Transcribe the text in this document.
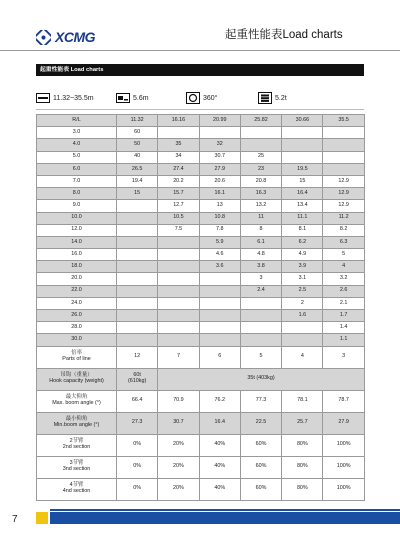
XCMG	起重性能表Load charts
起重性能表 Load charts
11.32~35.5m	5.6m	360°	5.2t
R/L	11.32	16.16	20.99	25.82	30.66	35.5
3.0	60					
4.0	50	35	32			
5.0	40	34	30.7	25		
6.0	26.5	27.4	27.9	23	19.5	
7.0	19.4	20.2	20.6	20.8	15	12.9
8.0	15	15.7	16.1	16.3	16.4	12.9
9.0		12.7	13	13.2	13.4	12.9
10.0		10.5	10.8	11	11.1	11.2
12.0		7.5	7.8	8	8.1	8.2
14.0			5.9	6.1	6.2	6.3
16.0			4.6	4.8	4.9	5
18.0			3.6	3.8	3.9	4
20.0				3	3.1	3.2
22.0				2.4	2.5	2.6
24.0					2	2.1
26.0					1.6	1.7
28.0						1.4
30.0						1.1
倍率
Parts of line	12	7	6	5	4	3
吊钩（重量）
Hook capacity (weight)	60t
(610kg)	35t (403kg)				
最大仰角
Max. boom angle (°)	66.4	70.9	76.2	77.3	78.1	78.7
最小仰角
Min.boom angle (°)	27.3	30.7	16.4	22.5	25.7	27.9
2节臂
2nd section	0%	20%	40%	60%	80%	100%
3节臂
3nd section	0%	20%	40%	60%	80%	100%
4节臂
4nd section	0%	20%	40%	60%	80%	100%
7
